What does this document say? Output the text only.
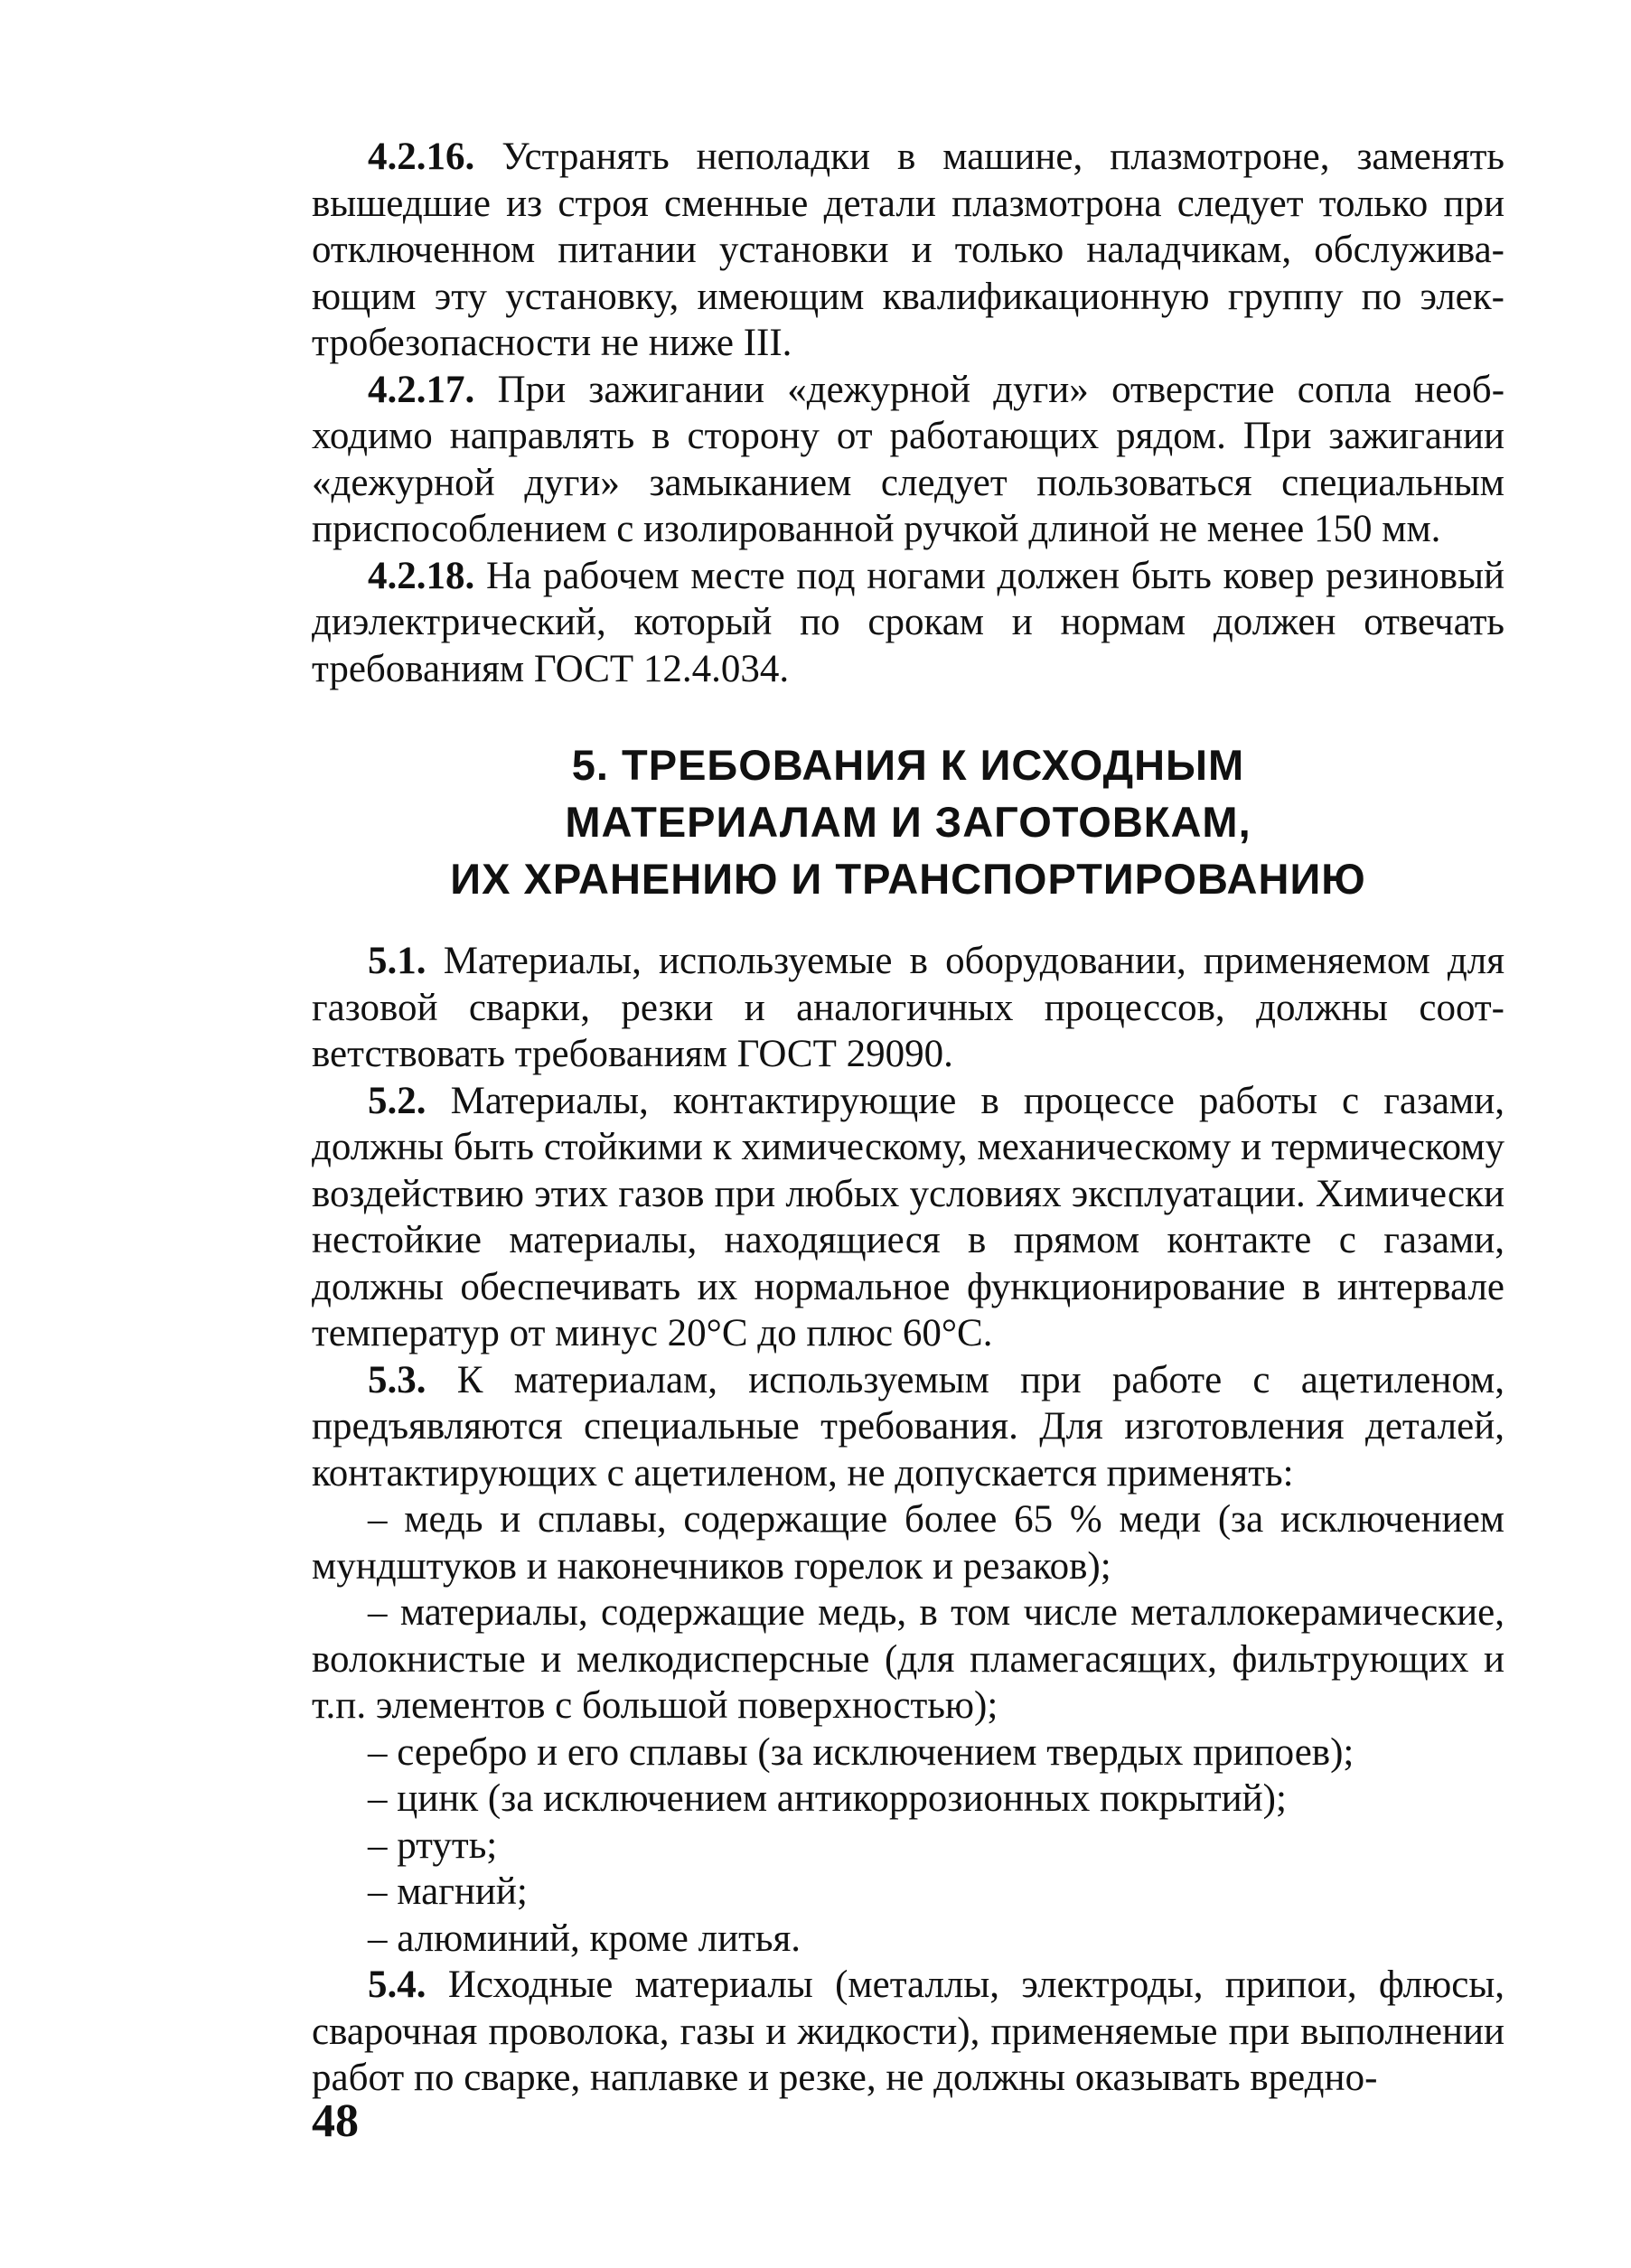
4.2.16. Устранять неполадки в машине, плазмотроне, заменять вышедшие из строя сменные детали плазмотрона следует только при отключенном питании установки и только наладчикам, обслуживающим эту установку, имеющим квалификационную группу по электробезопасности не ниже III.

4.2.17. При зажигании «дежурной дуги» отверстие сопла необходимо направлять в сторону от работающих рядом. При зажигании «дежурной дуги» замыканием следует пользоваться специальным приспособлением с изолированной ручкой длиной не менее 150 мм.

4.2.18. На рабочем месте под ногами должен быть ковер резиновый диэлектрический, который по срокам и нормам должен отвечать требованиям ГОСТ 12.4.034.

5. ТРЕБОВАНИЯ К ИСХОДНЫМ
МАТЕРИАЛАМ И ЗАГОТОВКАМ,
ИХ ХРАНЕНИЮ И ТРАНСПОРТИРОВАНИЮ

5.1. Материалы, используемые в оборудовании, применяемом для газовой сварки, резки и аналогичных процессов, должны соответствовать требованиям ГОСТ 29090.

5.2. Материалы, контактирующие в процессе работы с газами, должны быть стойкими к химическому, механическому и термическому воздействию этих газов при любых условиях эксплуатации. Химически нестойкие материалы, находящиеся в прямом контакте с газами, должны обеспечивать их нормальное функционирование в интервале температур от минус 20°С до плюс 60°С.

5.3. К материалам, используемым при работе с ацетиленом, предъявляются специальные требования. Для изготовления деталей, контактирующих с ацетиленом, не допускается применять:

– медь и сплавы, содержащие более 65 % меди (за исключением мундштуков и наконечников горелок и резаков);

– материалы, содержащие медь, в том числе металлокерамические, волокнистые и мелкодисперсные (для пламегасящих, фильтрующих и т.п. элементов с большой поверхностью);

– серебро и его сплавы (за исключением твердых припоев);

– цинк (за исключением антикоррозионных покрытий);

– ртуть;

– магний;

– алюминий, кроме литья.

5.4. Исходные материалы (металлы, электроды, припои, флюсы, сварочная проволока, газы и жидкости), применяемые при выполнении работ по сварке, наплавке и резке, не должны оказывать вредно-

48
